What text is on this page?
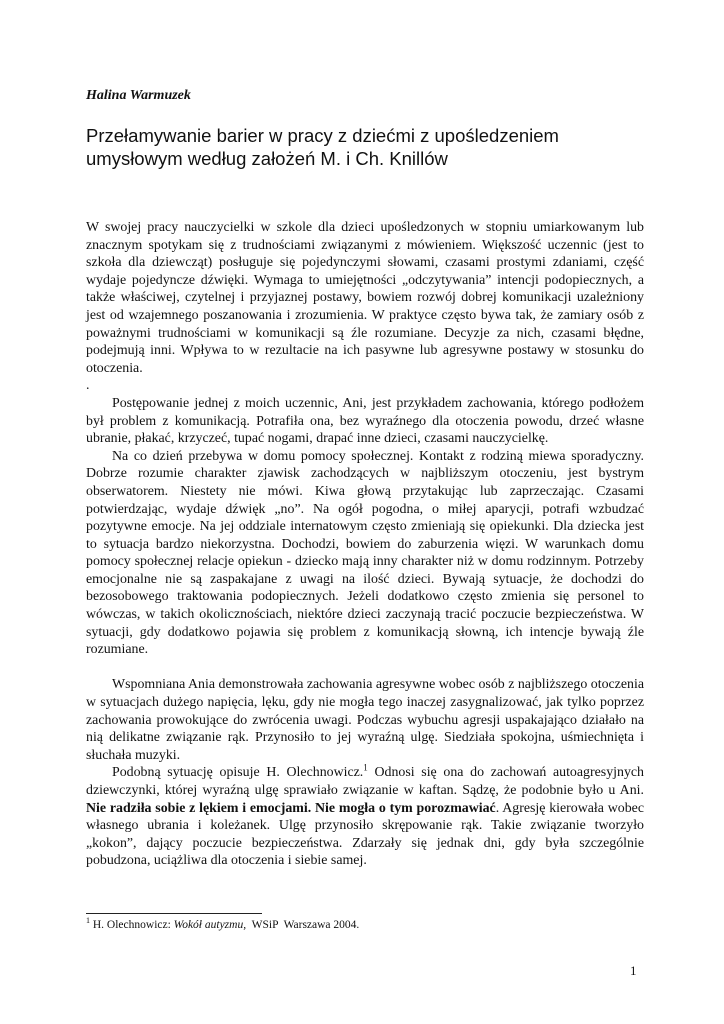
Halina Warmuzek
Przełamywanie barier w pracy z dziećmi z upośledzeniem umysłowym według założeń M. i Ch. Knillów

W swojej pracy nauczycielki w szkole dla dzieci upośledzonych w stopniu umiarkowanym lub znacznym spotykam się z trudnościami związanymi z mówieniem. Większość uczennic (jest to szkoła dla dziewcząt) posługuje się pojedynczymi słowami, czasami prostymi zdaniami, część wydaje pojedyncze dźwięki. Wymaga to umiejętności „odczytywania” intencji podopiecznych, a także właściwej, czytelnej i przyjaznej postawy, bowiem rozwój dobrej komunikacji uzależniony jest od wzajemnego poszanowania i zrozumienia. W praktyce często bywa tak, że zamiary osób z poważnymi trudnościami w komunikacji są źle rozumiane. Decyzje za nich, czasami błędne, podejmują inni. Wpływa to w rezultacie na ich pasywne lub agresywne postawy w stosunku do otoczenia.

.

Postępowanie jednej z moich uczennic, Ani, jest przykładem zachowania, którego podłożem był problem z komunikacją. Potrafiła ona, bez wyraźnego dla otoczenia powodu, drzeć własne ubranie, płakać, krzyczeć, tupać nogami, drapać inne dzieci, czasami nauczycielkę.

Na co dzień przebywa w domu pomocy społecznej. Kontakt z rodziną miewa sporadyczny. Dobrze rozumie charakter zjawisk zachodzących w najbliższym otoczeniu, jest bystrym obserwatorem. Niestety nie mówi. Kiwa głową przytakując lub zaprzeczając. Czasami potwierdzając, wydaje dźwięk „no”. Na ogół pogodna, o miłej aparycji, potrafi wzbudzać pozytywne emocje. Na jej oddziale internatowym często zmieniają się opiekunki. Dla dziecka jest to sytuacja bardzo niekorzystna. Dochodzi, bowiem do zaburzenia więzi. W warunkach domu pomocy społecznej relacje opiekun - dziecko mają inny charakter niż w domu rodzinnym. Potrzeby emocjonalne nie są zaspakajane z uwagi na ilość dzieci. Bywają sytuacje, że dochodzi do bezosobowego traktowania podopiecznych. Jeżeli dodatkowo często zmienia się personel to wówczas, w takich okolicznościach, niektóre dzieci zaczynają tracić poczucie bezpieczeństwa. W sytuacji, gdy dodatkowo pojawia się problem z komunikacją słowną, ich intencje bywają źle rozumiane.

Wspomniana Ania demonstrowała zachowania agresywne wobec osób z najbliższego otoczenia w sytuacjach dużego napięcia, lęku, gdy nie mogła tego inaczej zasygnalizować, jak tylko poprzez zachowania prowokujące do zwrócenia uwagi. Podczas wybuchu agresji uspakajająco działało na nią delikatne związanie rąk. Przynosiło to jej wyraźną ulgę. Siedziała spokojna, uśmiechnięta i słuchała muzyki.

Podobną sytuację opisuje H. Olechnowicz.$^1$ Odnosi się ona do zachowań autoagresyjnych dziewczynki, której wyraźną ulgę sprawiało związanie w kaftan. Sądzę, że podobnie było u Ani. Nie radziła sobie z lękiem i emocjami. Nie mogła o tym porozmawiać. Agresję kierowała wobec własnego ubrania i koleżanek. Ulgę przynosiło skrępowanie rąk. Takie związanie tworzyło „kokon”, dający poczucie bezpieczeństwa. Zdarzały się jednak dni, gdy była szczególnie pobudzona, uciążliwa dla otoczenia i siebie samej.

$^1$ H. Olechnowicz: Wokół autyzmu,  WSiP  Warszawa 2004.
1
